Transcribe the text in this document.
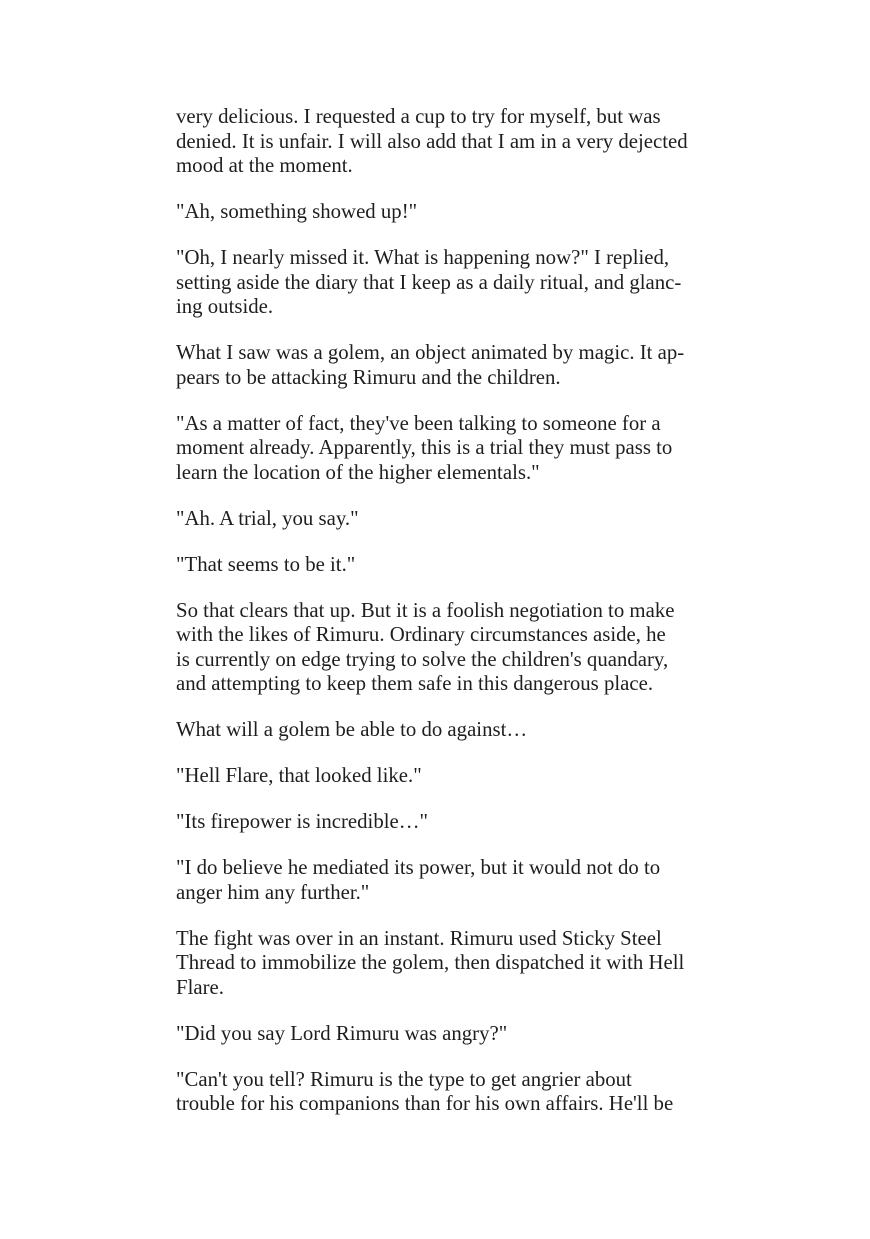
very delicious. I requested a cup to try for myself, but was
denied. It is unfair. I will also add that I am in a very dejected
mood at the moment.
"Ah, something showed up!"
"Oh, I nearly missed it. What is happening now?" I replied,
setting aside the diary that I keep as a daily ritual, and glanc-
ing outside.
What I saw was a golem, an object animated by magic. It ap-
pears to be attacking Rimuru and the children.
"As a matter of fact, they've been talking to someone for a
moment already. Apparently, this is a trial they must pass to
learn the location of the higher elementals."
"Ah. A trial, you say."
"That seems to be it."
So that clears that up. But it is a foolish negotiation to make
with the likes of Rimuru. Ordinary circumstances aside, he
is currently on edge trying to solve the children's quandary,
and attempting to keep them safe in this dangerous place.
What will a golem be able to do against…
"Hell Flare, that looked like."
"Its firepower is incredible…"
"I do believe he mediated its power, but it would not do to
anger him any further."
The fight was over in an instant. Rimuru used Sticky Steel
Thread to immobilize the golem, then dispatched it with Hell
Flare.
"Did you say Lord Rimuru was angry?"
"Can't you tell? Rimuru is the type to get angrier about
trouble for his companions than for his own affairs. He'll be
